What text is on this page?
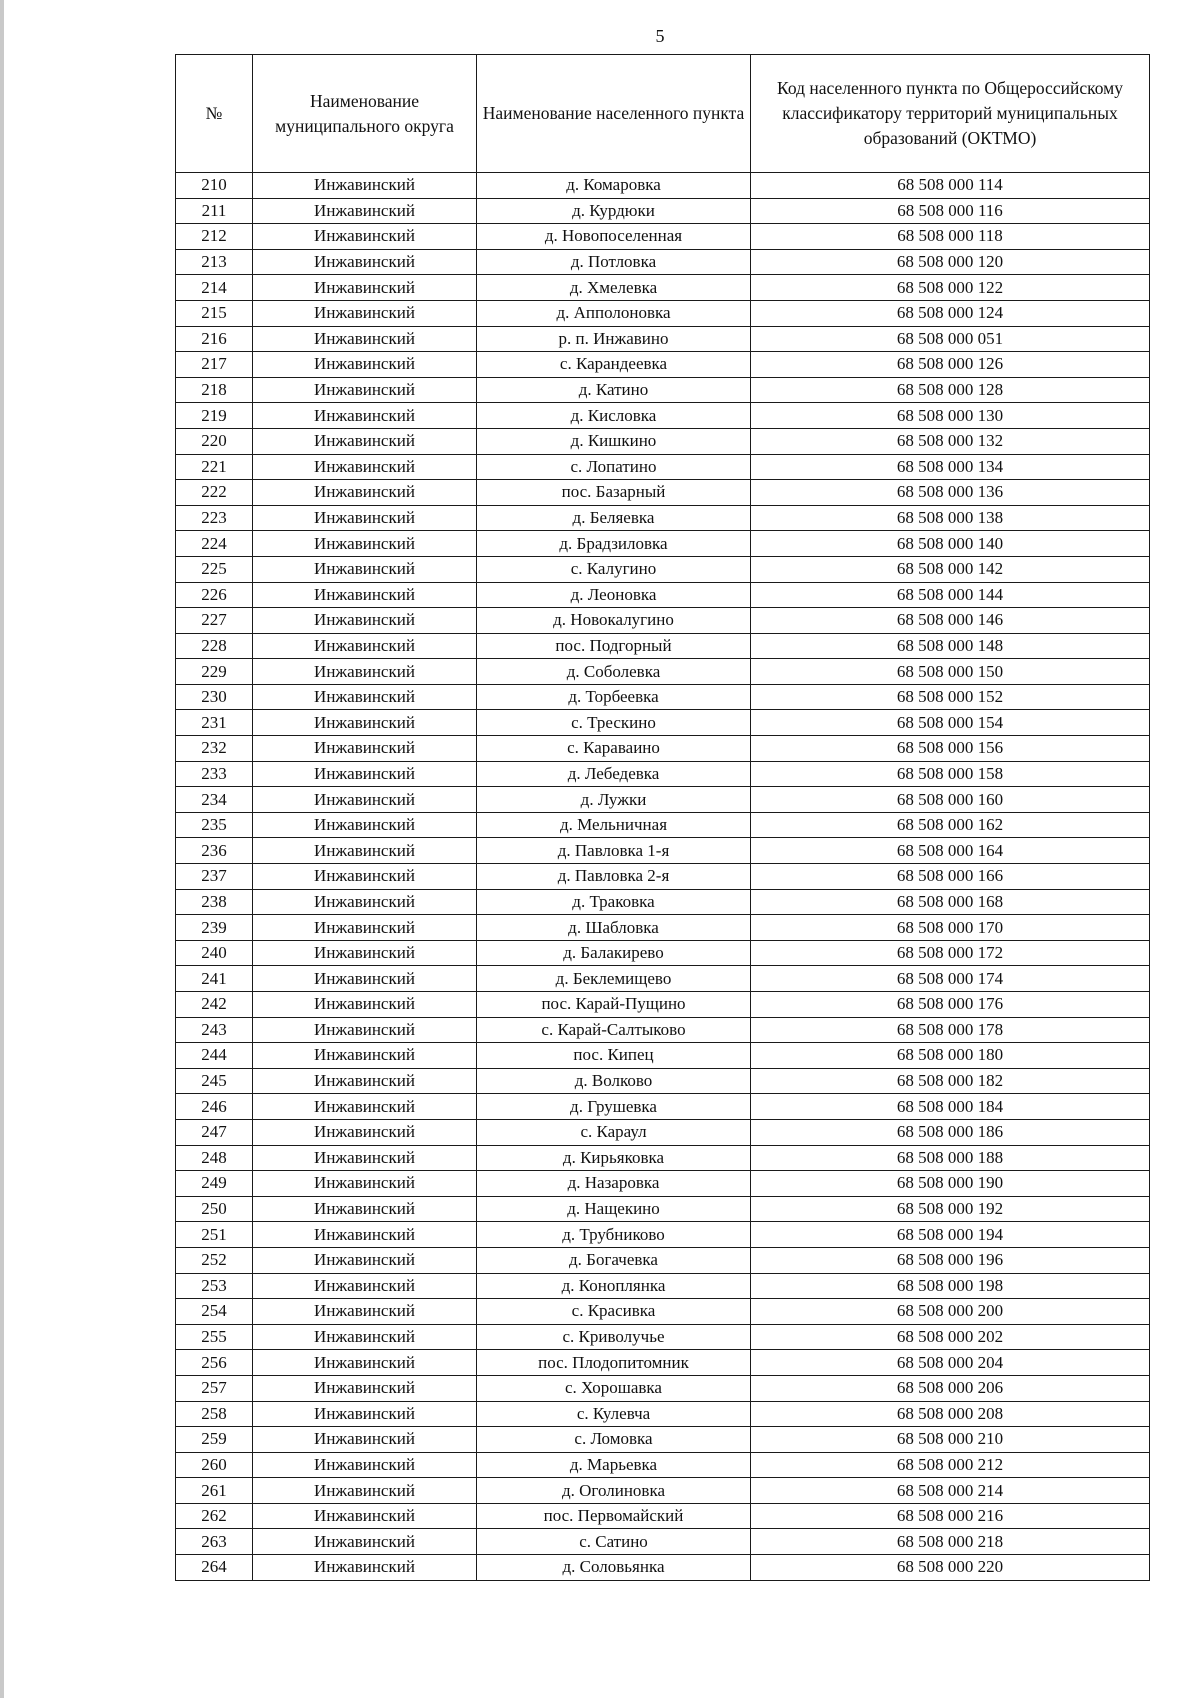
5
№	Наименование муниципального округа	Наименование населенного пункта	Код населенного пункта по Общероссийскому классификатору территорий муниципальных образований (ОКТМО)
210	Инжавинский	д. Комаровка	68 508 000 114
211	Инжавинский	д. Курдюки	68 508 000 116
212	Инжавинский	д. Новопоселенная	68 508 000 118
213	Инжавинский	д. Потловка	68 508 000 120
214	Инжавинский	д. Хмелевка	68 508 000 122
215	Инжавинский	д. Апполоновка	68 508 000 124
216	Инжавинский	р. п. Инжавино	68 508 000 051
217	Инжавинский	с. Карандеевка	68 508 000 126
218	Инжавинский	д. Катино	68 508 000 128
219	Инжавинский	д. Кисловка	68 508 000 130
220	Инжавинский	д. Кишкино	68 508 000 132
221	Инжавинский	с. Лопатино	68 508 000 134
222	Инжавинский	пос. Базарный	68 508 000 136
223	Инжавинский	д. Беляевка	68 508 000 138
224	Инжавинский	д. Брадзиловка	68 508 000 140
225	Инжавинский	с. Калугино	68 508 000 142
226	Инжавинский	д. Леоновка	68 508 000 144
227	Инжавинский	д. Новокалугино	68 508 000 146
228	Инжавинский	пос. Подгорный	68 508 000 148
229	Инжавинский	д. Соболевка	68 508 000 150
230	Инжавинский	д. Торбеевка	68 508 000 152
231	Инжавинский	с. Трескино	68 508 000 154
232	Инжавинский	с. Караваино	68 508 000 156
233	Инжавинский	д. Лебедевка	68 508 000 158
234	Инжавинский	д. Лужки	68 508 000 160
235	Инжавинский	д. Мельничная	68 508 000 162
236	Инжавинский	д. Павловка 1-я	68 508 000 164
237	Инжавинский	д. Павловка 2-я	68 508 000 166
238	Инжавинский	д. Траковка	68 508 000 168
239	Инжавинский	д. Шабловка	68 508 000 170
240	Инжавинский	д. Балакирево	68 508 000 172
241	Инжавинский	д. Беклемищево	68 508 000 174
242	Инжавинский	пос. Карай-Пущино	68 508 000 176
243	Инжавинский	с. Карай-Салтыково	68 508 000 178
244	Инжавинский	пос. Кипец	68 508 000 180
245	Инжавинский	д. Волково	68 508 000 182
246	Инжавинский	д. Грушевка	68 508 000 184
247	Инжавинский	с. Караул	68 508 000 186
248	Инжавинский	д. Кирьяковка	68 508 000 188
249	Инжавинский	д. Назаровка	68 508 000 190
250	Инжавинский	д. Нащекино	68 508 000 192
251	Инжавинский	д. Трубниково	68 508 000 194
252	Инжавинский	д. Богачевка	68 508 000 196
253	Инжавинский	д. Коноплянка	68 508 000 198
254	Инжавинский	с. Красивка	68 508 000 200
255	Инжавинский	с. Криволучье	68 508 000 202
256	Инжавинский	пос. Плодопитомник	68 508 000 204
257	Инжавинский	с. Хорошавка	68 508 000 206
258	Инжавинский	с. Кулевча	68 508 000 208
259	Инжавинский	с. Ломовка	68 508 000 210
260	Инжавинский	д. Марьевка	68 508 000 212
261	Инжавинский	д. Оголиновка	68 508 000 214
262	Инжавинский	пос. Первомайский	68 508 000 216
263	Инжавинский	с. Сатино	68 508 000 218
264	Инжавинский	д. Соловьянка	68 508 000 220
